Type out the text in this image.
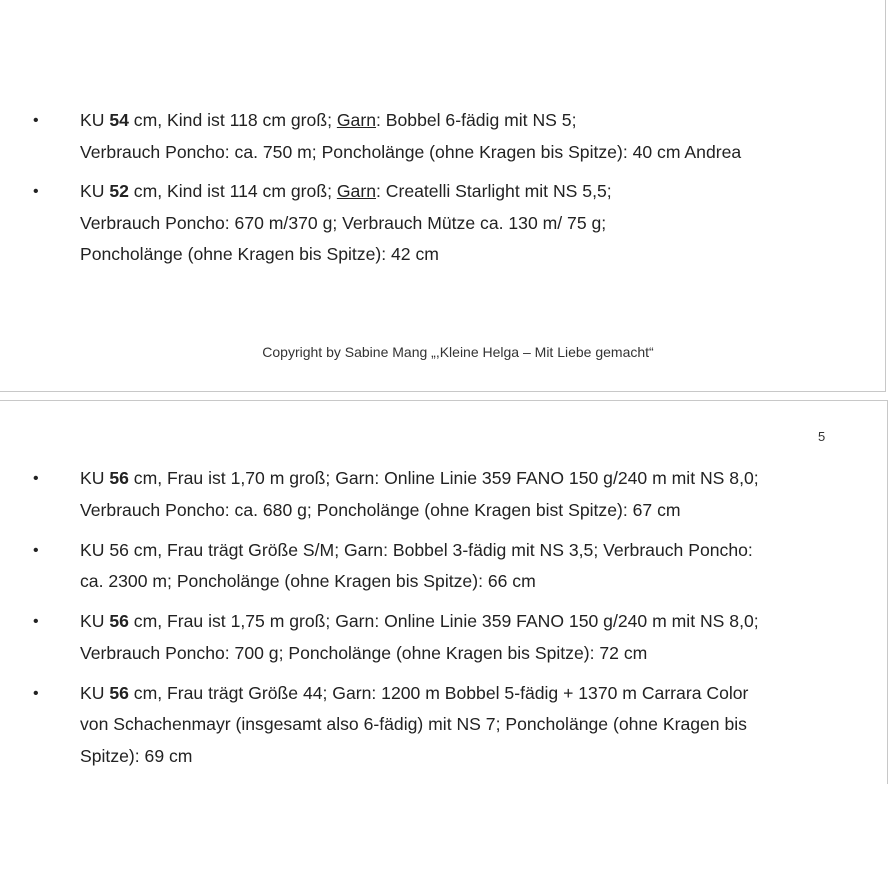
• KU 54 cm, Kind ist 118 cm groß; Garn: Bobbel 6-fädig mit NS 5;
Verbrauch Poncho: ca. 750 m; Poncholänge (ohne Kragen bis Spitze): 40 cm Andrea
• KU 52 cm, Kind ist 114 cm groß; Garn: Createlli Starlight mit NS 5,5;
Verbrauch Poncho: 670 m/370 g; Verbrauch Mütze ca. 130 m/ 75 g;
Poncholänge (ohne Kragen bis Spitze): 42 cm
Copyright by Sabine Mang „,Kleine Helga – Mit Liebe gemacht“
5
• KU 56 cm, Frau ist 1,70 m groß; Garn: Online Linie 359 FANO 150 g/240 m mit NS 8,0;
Verbrauch Poncho: ca. 680 g; Poncholänge (ohne Kragen bist Spitze): 67 cm
• KU 56 cm, Frau trägt Größe S/M; Garn: Bobbel 3-fädig mit NS 3,5; Verbrauch Poncho:
ca. 2300 m; Poncholänge (ohne Kragen bis Spitze): 66 cm
• KU 56 cm, Frau ist 1,75 m groß; Garn: Online Linie 359 FANO 150 g/240 m mit NS 8,0;
Verbrauch Poncho: 700 g; Poncholänge (ohne Kragen bis Spitze): 72 cm
• KU 56 cm, Frau trägt Größe 44; Garn: 1200 m Bobbel 5-fädig + 1370 m Carrara Color
von Schachenmayr (insgesamt also 6-fädig) mit NS 7; Poncholänge (ohne Kragen bis
Spitze): 69 cm
